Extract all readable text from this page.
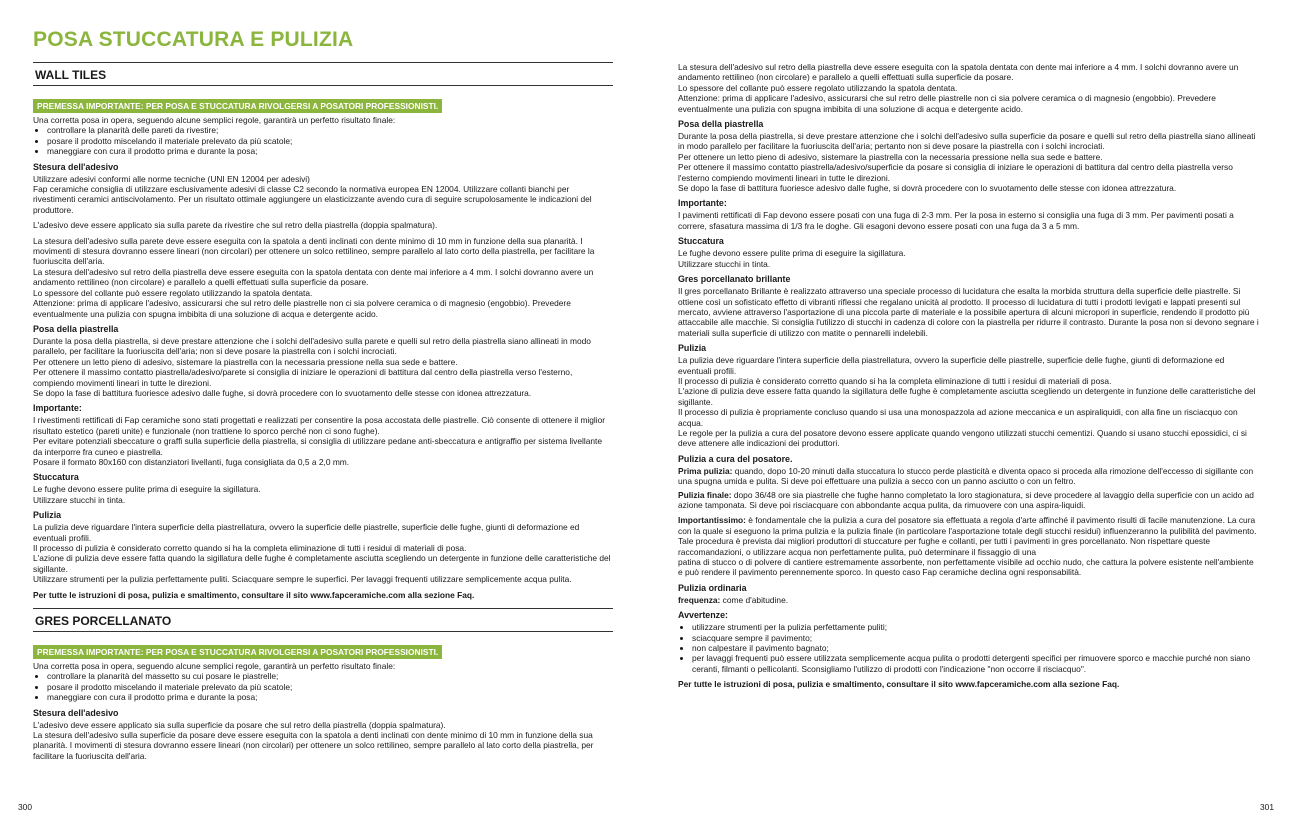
POSA STUCCATURA E PULIZIA
WALL TILES
PREMESSA IMPORTANTE: PER POSA E STUCCATURA RIVOLGERSI A POSATORI PROFESSIONISTI.

Una corretta posa in opera, seguendo alcune semplici regole, garantirà un perfetto risultato finale:

• controllare la planarità delle pareti da rivestire;
• posare il prodotto miscelando il materiale prelevato da più scatole;
• maneggiare con cura il prodotto prima e durante la posa;
Stesura dell'adesivo

Utilizzare adesivi conformi alle norme tecniche (UNI EN 12004 per adesivi)

Fap ceramiche consiglia di utilizzare esclusivamente adesivi di classe C2 secondo la normativa europea EN 12004. Utilizzare collanti bianchi per rivestimenti ceramici antiscivolamento. Per un risultato ottimale aggiungere un elasticizzante avendo cura di seguire scrupolosamente le indicazioni del produttore.

L'adesivo deve essere applicato sia sulla parete da rivestire che sul retro della piastrella (doppia spalmatura).

La stesura dell'adesivo sulla parete deve essere eseguita con la spatola a denti inclinati con dente minimo di 10 mm in funzione della sua planarità. I movimenti di stesura dovranno essere lineari (non circolari) per ottenere un solco rettilineo, sempre parallelo al lato corto della piastrella, per facilitare la fuoriuscita dell'aria.

La stesura dell'adesivo sul retro della piastrella deve essere eseguita con la spatola dentata con dente mai inferiore a 4 mm. I solchi dovranno avere un andamento rettilineo (non circolare) e parallelo a quelli effettuati sulla superficie da posare.

Lo spessore del collante può essere regolato utilizzando la spatola dentata.

Attenzione: prima di applicare l'adesivo, assicurarsi che sul retro delle piastrelle non ci sia polvere ceramica o di magnesio (engobbio). Prevedere eventualmente una pulizia con spugna imbibita di una soluzione di acqua e detergente acido.

Posa della piastrella

Durante la posa della piastrella, si deve prestare attenzione che i solchi dell'adesivo sulla parete e quelli sul retro della piastrella siano allineati in modo parallelo, per facilitare la fuoriuscita dell'aria; non si deve posare la piastrella con i solchi incrociati.

Per ottenere un letto pieno di adesivo, sistemare la piastrella con la necessaria pressione nella sua sede e battere.

Per ottenere il massimo contatto piastrella/adesivo/parete si consiglia di iniziare le operazioni di battitura dal centro della piastrella verso l'esterno, compiendo movimenti lineari in tutte le direzioni.

Se dopo la fase di battitura fuoriesce adesivo dalle fughe, si dovrà procedere con lo svuotamento delle stesse con idonea attrezzatura.

Importante:

I rivestimenti rettificati di Fap ceramiche sono stati progettati e realizzati per consentire la posa accostata delle piastrelle. Ciò consente di ottenere il miglior risultato estetico (pareti unite) e funzionale (non trattiene lo sporco perché non ci sono fughe).

Per evitare potenziali sbeccature o graffi sulla superficie della piastrella, si consiglia di utilizzare pedane anti-sbeccatura e antigraffio per sistema livellante da interporre fra cuneo e piastrella.

Posare il formato 80x160 con distanziatori livellanti, fuga consigliata da 0,5 a 2,0 mm.

Stuccatura

Le fughe devono essere pulite prima di eseguire la sigillatura.

Utilizzare stucchi in tinta.

Pulizia

La pulizia deve riguardare l'intera superficie della piastrellatura, ovvero la superficie delle piastrelle, superficie delle fughe, giunti di deformazione ed eventuali profili.

Il processo di pulizia è considerato corretto quando si ha la completa eliminazione di tutti i residui di materiali di posa.

L'azione di pulizia deve essere fatta quando la sigillatura delle fughe è completamente asciutta scegliendo un detergente in funzione delle caratteristiche del sigillante.

Utilizzare strumenti per la pulizia perfettamente puliti. Sciacquare sempre le superfici. Per lavaggi frequenti utilizzare semplicemente acqua pulita.

Per tutte le istruzioni di posa, pulizia e smaltimento, consultare il sito www.fapceramiche.com alla sezione Faq.

GRES PORCELLANATO
PREMESSA IMPORTANTE: PER POSA E STUCCATURA RIVOLGERSI A POSATORI PROFESSIONISTI.

Una corretta posa in opera, seguendo alcune semplici regole, garantirà un perfetto risultato finale:

• controllare la planarità del massetto su cui posare le piastrelle;
• posare il prodotto miscelando il materiale prelevato da più scatole;
• maneggiare con cura il prodotto prima e durante la posa;
Stesura dell'adesivo

L'adesivo deve essere applicato sia sulla superficie da posare che sul retro della piastrella (doppia spalmatura).

La stesura dell'adesivo sulla superficie da posare deve essere eseguita con la spatola a denti inclinati con dente minimo di 10 mm in funzione della sua planarità. I movimenti di stesura dovranno essere lineari (non circolari) per ottenere un solco rettilineo, sempre parallelo al lato corto della piastrella, per facilitare la fuoriuscita dell'aria.

300

La stesura dell'adesivo sul retro della piastrella deve essere eseguita con la spatola dentata con dente mai inferiore a 4 mm. I solchi dovranno avere un andamento rettilineo (non circolare) e parallelo a quelli effettuati sulla superficie da posare.

Lo spessore del collante può essere regolato utilizzando la spatola dentata.

Attenzione: prima di applicare l'adesivo, assicurarsi che sul retro delle piastrelle non ci sia polvere ceramica o di magnesio (engobbio). Prevedere eventualmente una pulizia con spugna imbibita di una soluzione di acqua e detergente acido.

Posa della piastrella

Durante la posa della piastrella, si deve prestare attenzione che i solchi dell'adesivo sulla superficie da posare e quelli sul retro della piastrella siano allineati in modo parallelo per facilitare la fuoriuscita dell'aria; pertanto non si deve posare la piastrella con i solchi incrociati.

Per ottenere un letto pieno di adesivo, sistemare la piastrella con la necessaria pressione nella sua sede e battere.

Per ottenere il massimo contatto piastrella/adesivo/superficie da posare si consiglia di iniziare le operazioni di battitura dal centro della piastrella verso l'esterno compiendo movimenti lineari in tutte le direzioni.

Se dopo la fase di battitura fuoriesce adesivo dalle fughe, si dovrà procedere con lo svuotamento delle stesse con idonea attrezzatura.

Importante:

I pavimenti rettificati di Fap devono essere posati con una fuga di 2-3 mm. Per la posa in esterno si consiglia una fuga di 3 mm. Per pavimenti posati a correre, sfasatura massima di 1/3 fra le doghe. Gli esagoni devono essere posati con una fuga da 3 a 5 mm.

Stuccatura

Le fughe devono essere pulite prima di eseguire la sigillatura.

Utilizzare stucchi in tinta.

Gres porcellanato brillante

Il gres porcellanato Brillante è realizzato attraverso una speciale processo di lucidatura che esalta la morbida struttura della superficie delle piastrelle. Si ottiene così un sofisticato effetto di vibranti riflessi che regalano unicità al prodotto. Il processo di lucidatura di tutti i prodotti levigati e lappati presenti sul mercato, avviene attraverso l'asportazione di una piccola parte di materiale e la possibile apertura di alcuni micropori in superficie, rendendo il prodotto più attaccabile alle macchie. Si consiglia l'utilizzo di stucchi in cadenza di colore con la piastrella per ridurre il contrasto. Durante la posa non si devono segnare i materiali sulla superficie di utilizzo con matite o pennarelli indelebili.

Pulizia

La pulizia deve riguardare l'intera superficie della piastrellatura, ovvero la superficie delle piastrelle, superficie delle fughe, giunti di deformazione ed eventuali profili.

Il processo di pulizia è considerato corretto quando si ha la completa eliminazione di tutti i residui di materiali di posa.

L'azione di pulizia deve essere fatta quando la sigillatura delle fughe è completamente asciutta scegliendo un detergente in funzione delle caratteristiche del sigillante.

Il processo di pulizia è propriamente concluso quando si usa una monospazzola ad azione meccanica e un aspiraliquidi, con alla fine un risciacquo con acqua.

Le regole per la pulizia a cura del posatore devono essere applicate quando vengono utilizzati stucchi cementizi. Quando si usano stucchi epossidici, ci si deve attenere alle indicazioni dei produttori.

Pulizia a cura del posatore.

Prima pulizia: quando, dopo 10-20 minuti dalla stuccatura lo stucco perde plasticità e diventa opaco si proceda alla rimozione dell'eccesso di sigillante con una spugna umida e pulita. Si deve poi effettuare una pulizia a secco con un panno asciutto o con un feltro.

Pulizia finale: dopo 36/48 ore sia piastrelle che fughe hanno completato la loro stagionatura, si deve procedere al lavaggio della superficie con un acido ad azione tamponata. Si deve poi risciacquare con abbondante acqua pulita, da rimuovere con una aspira-liquidi.

Importantissimo: è fondamentale che la pulizia a cura del posatore sia effettuata a regola d'arte affinché il pavimento risulti di facile manutenzione. La cura con la quale si eseguono la prima pulizia e la pulizia finale (in particolare l'asportazione totale degli stucchi residui) influenzeranno la pulibilità del pavimento. Tale procedura è prevista dai migliori produttori di stuccature per fughe e collanti, per tutti i pavimenti in gres porcellanato. Non rispettare queste raccomandazioni, o utilizzare acqua non perfettamente pulita, può determinare il fissaggio di una

patina di stucco o di polvere di cantiere estremamente assorbente, non perfettamente visibile ad occhio nudo, che cattura la polvere esistente nell'ambiente e può rendere il pavimento perennemente sporco. In questo caso Fap ceramiche declina ogni responsabilità.

Pulizia ordinaria

frequenza: come d'abitudine.

Avvertenze:
• utilizzare strumenti per la pulizia perfettamente puliti;
• sciacquare sempre il pavimento;
• non calpestare il pavimento bagnato;
• per lavaggi frequenti può essere utilizzata semplicemente acqua pulita o prodotti detergenti specifici per rimuovere sporco e macchie purché non siano ceranti, filmanti o pellicolanti. Sconsigliamo l'utilizzo di prodotti con l'indicazione "non occorre il risciacquo".

Per tutte le istruzioni di posa, pulizia e smaltimento, consultare il sito www.fapceramiche.com alla sezione Faq.

301
